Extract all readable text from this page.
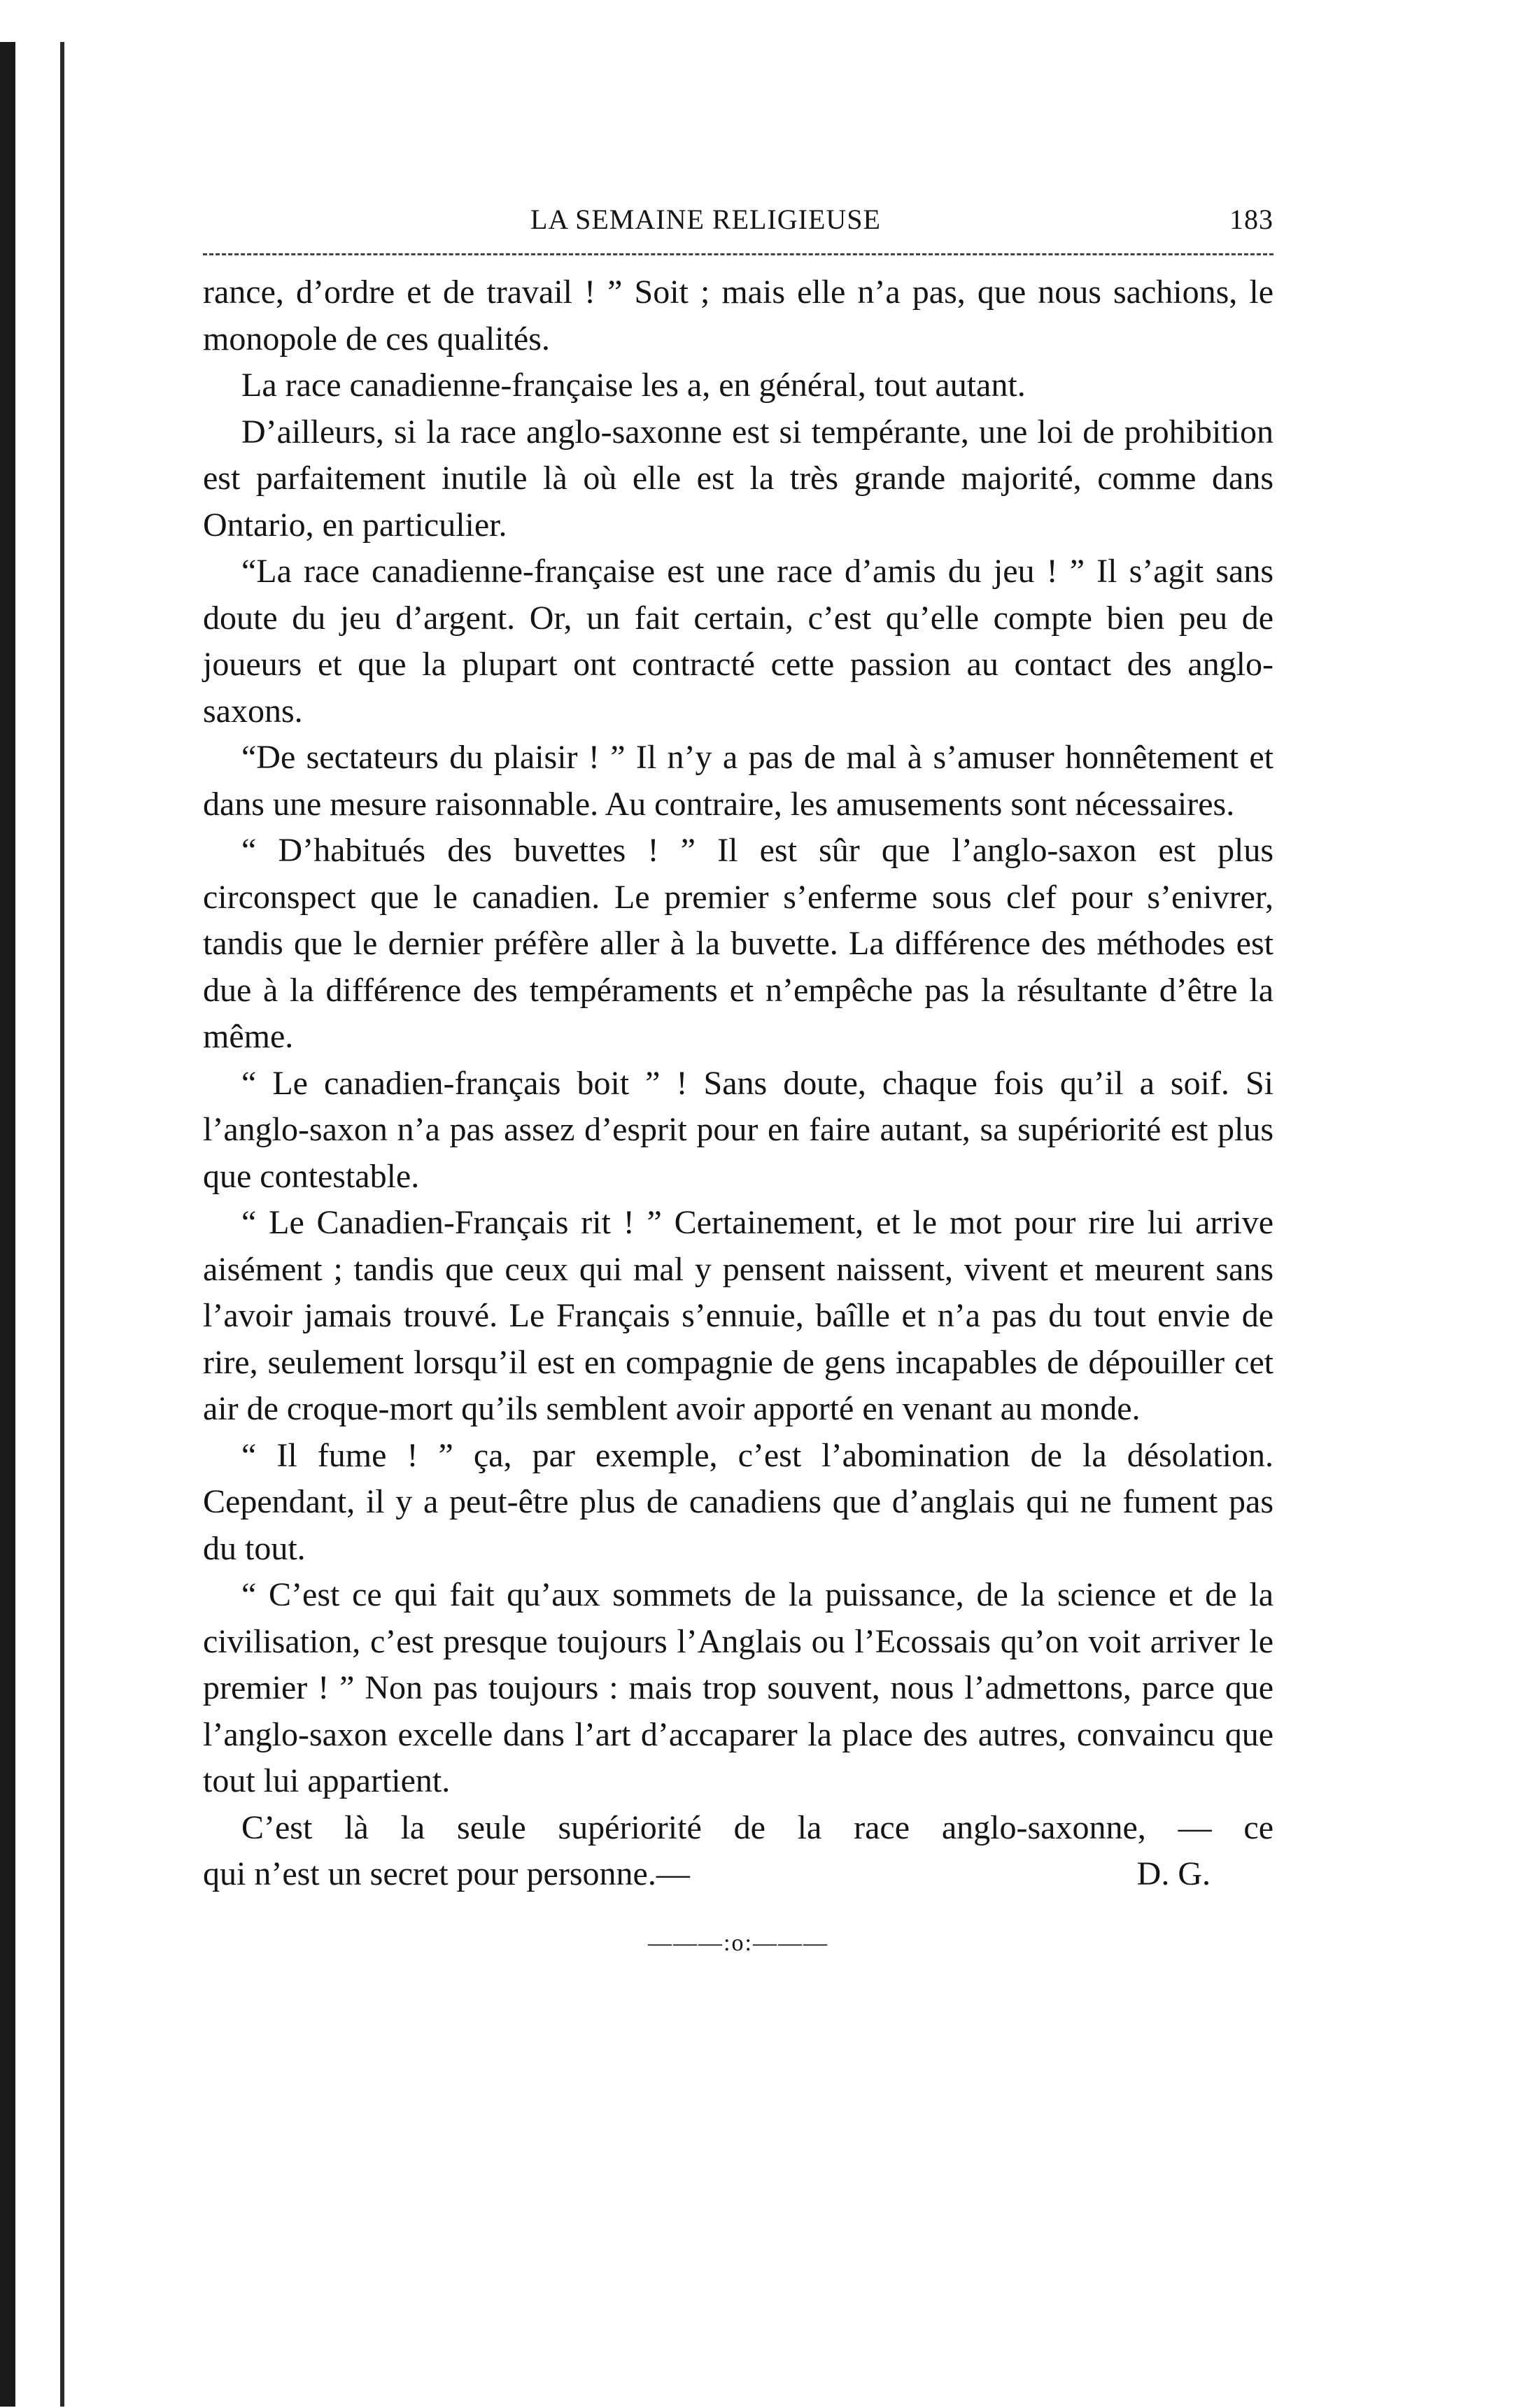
LA SEMAINE RELIGIEUSE	183

rance, d’ordre et de travail ! ” Soit ; mais elle n’a pas, que nous sachions, le monopole de ces qualités.

La race canadienne-française les a, en général, tout autant.

D’ailleurs, si la race anglo-saxonne est si tempérante, une loi de prohibition est parfaitement inutile là où elle est la très grande majorité, comme dans Ontario, en particulier.

“La race canadienne-française est une race d’amis du jeu ! ” Il s’agit sans doute du jeu d’argent. Or, un fait certain, c’est qu’elle compte bien peu de joueurs et que la plupart ont contracté cette passion au contact des anglo-saxons.

“De sectateurs du plaisir ! ” Il n’y a pas de mal à s’amuser honnêtement et dans une mesure raisonnable. Au contraire, les amusements sont nécessaires.

“ D’habitués des buvettes ! ” Il est sûr que l’anglo-saxon est plus circonspect que le canadien. Le premier s’enferme sous clef pour s’enivrer, tandis que le dernier préfère aller à la buvette. La différence des méthodes est due à la différence des tempéraments et n’empêche pas la résultante d’être la même.

“ Le canadien-français boit ” ! Sans doute, chaque fois qu’il a soif. Si l’anglo-saxon n’a pas assez d’esprit pour en faire autant, sa supériorité est plus que contestable.

“ Le Canadien-Français rit ! ” Certainement, et le mot pour rire lui arrive aisément ; tandis que ceux qui mal y pensent naissent, vivent et meurent sans l’avoir jamais trouvé. Le Français s’ennuie, baîlle et n’a pas du tout envie de rire, seulement lorsqu’il est en compagnie de gens incapables de dépouiller cet air de croque-mort qu’ils semblent avoir apporté en venant au monde.

“ Il fume ! ” ça, par exemple, c’est l’abomination de la désolation. Cependant, il y a peut-être plus de canadiens que d’anglais qui ne fument pas du tout.

“ C’est ce qui fait qu’aux sommets de la puissance, de la science et de la civilisation, c’est presque toujours l’Anglais ou l’Ecossais qu’on voit arriver le premier ! ” Non pas toujours : mais trop souvent, nous l’admettons, parce que l’anglo-saxon excelle dans l’art d’accaparer la place des autres, convaincu que tout lui appartient.

C’est là la seule supériorité de la race anglo-saxonne, — ce

qui n’est un secret pour personne.—	D. G.
———:o:———
